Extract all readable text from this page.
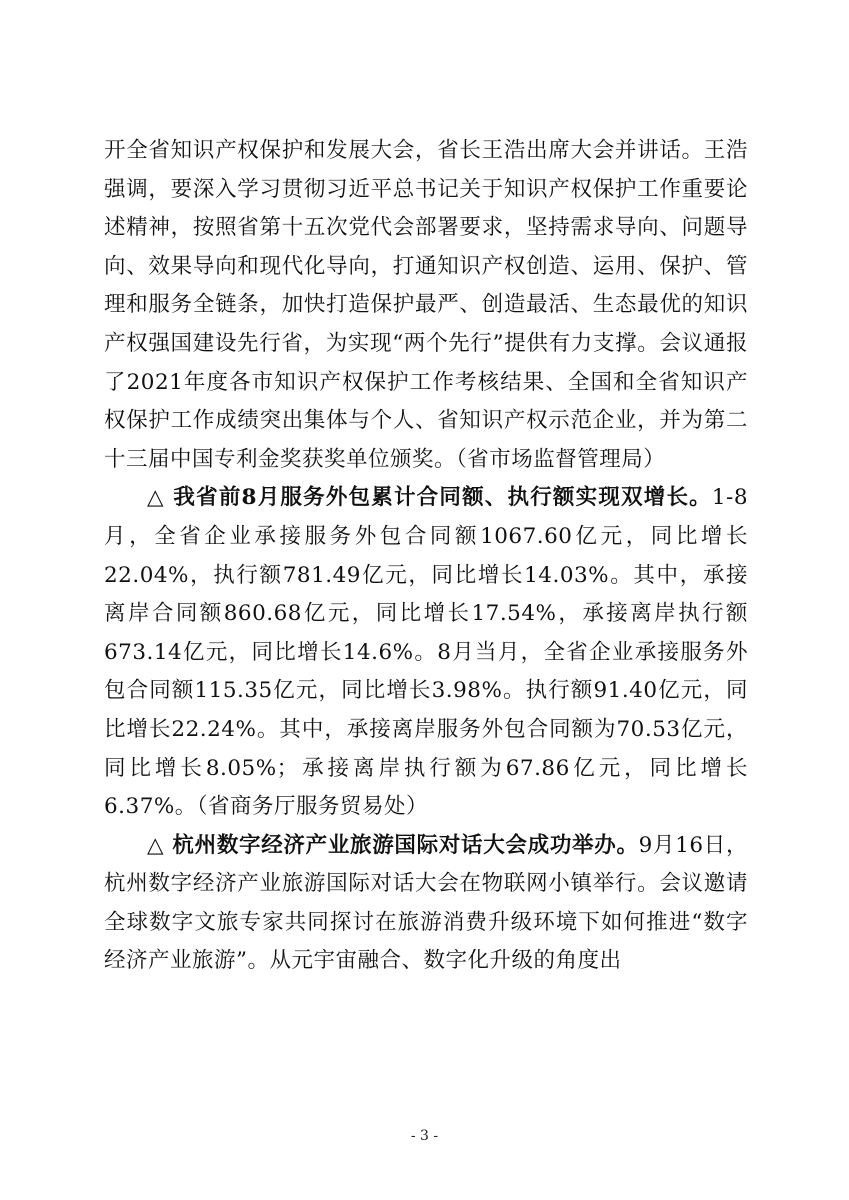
开全省知识产权保护和发展大会，省长王浩出席大会并讲话。王浩强调，要深入学习贯彻习近平总书记关于知识产权保护工作重要论述精神，按照省第十五次党代会部署要求，坚持需求导向、问题导向、效果导向和现代化导向，打通知识产权创造、运用、保护、管理和服务全链条，加快打造保护最严、创造最活、生态最优的知识产权强国建设先行省，为实现“两个先行”提供有力支撑。会议通报了2021年度各市知识产权保护工作考核结果、全国和全省知识产权保护工作成绩突出集体与个人、省知识产权示范企业，并为第二十三届中国专利金奖获奖单位颁奖。（省市场监督管理局）

△ 我省前8月服务外包累计合同额、执行额实现双增长。1-8月，全省企业承接服务外包合同额1067.60亿元，同比增长22.04%，执行额781.49亿元，同比增长14.03%。其中，承接离岸合同额860.68亿元，同比增长17.54%，承接离岸执行额673.14亿元，同比增长14.6%。8月当月，全省企业承接服务外包合同额115.35亿元，同比增长3.98%。执行额91.40亿元，同比增长22.24%。其中，承接离岸服务外包合同额为70.53亿元，同比增长8.05%；承接离岸执行额为67.86亿元，同比增长6.37%。（省商务厅服务贸易处）

△ 杭州数字经济产业旅游国际对话大会成功举办。9月16日，杭州数字经济产业旅游国际对话大会在物联网小镇举行。会议邀请全球数字文旅专家共同探讨在旅游消费升级环境下如何推进“数字经济产业旅游”。从元宇宙融合、数字化升级的角度出

- 3 -
